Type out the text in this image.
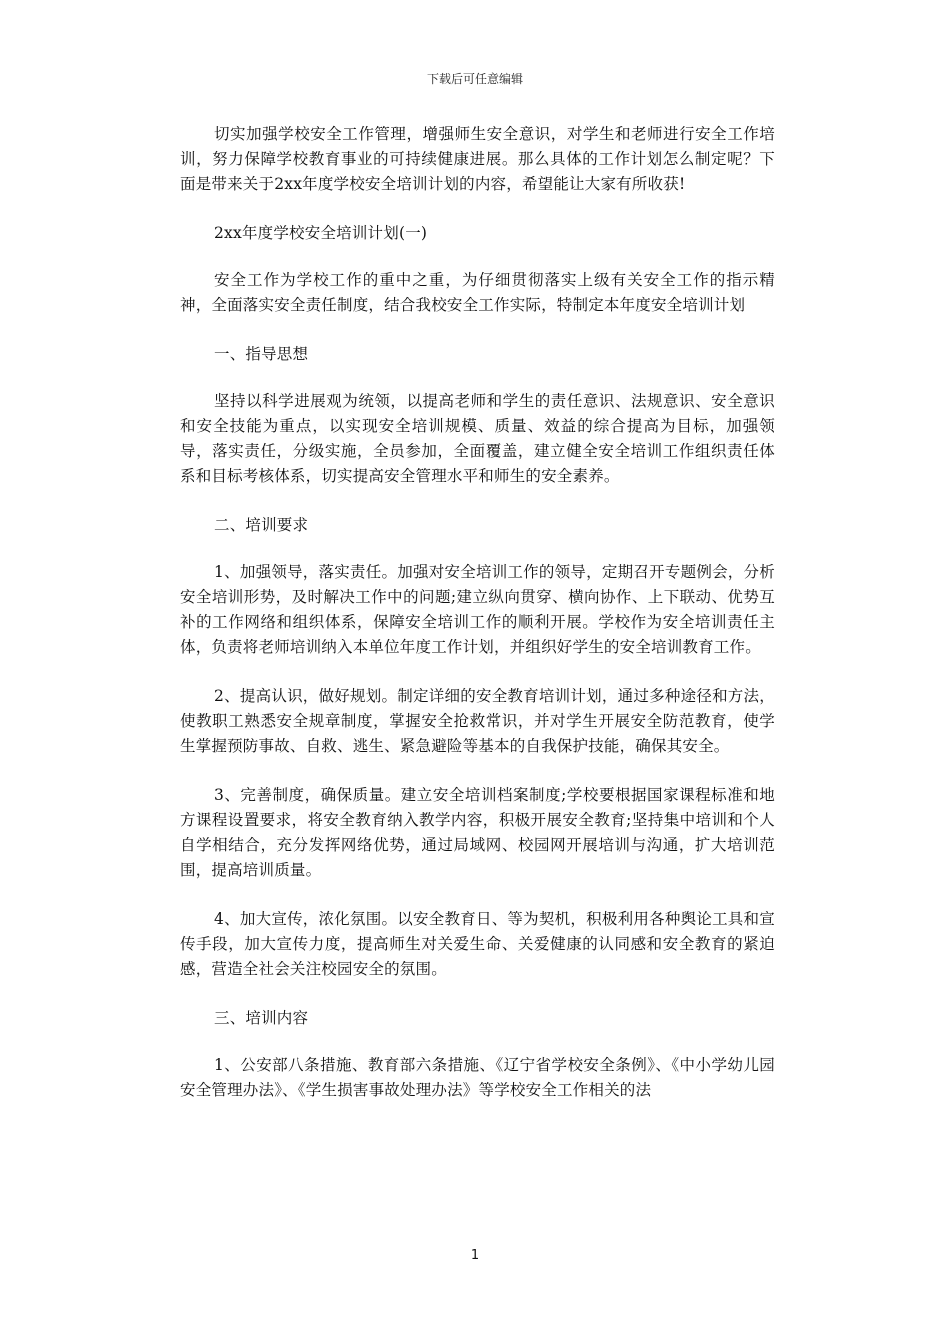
下载后可任意编辑

切实加强学校安全工作管理，增强师生安全意识，对学生和老师进行安全工作培训，努力保障学校教育事业的可持续健康进展。那么具体的工作计划怎么制定呢？下面是带来关于2xx年度学校安全培训计划的内容，希望能让大家有所收获!

2xx年度学校安全培训计划(一)

安全工作为学校工作的重中之重，为仔细贯彻落实上级有关安全工作的指示精神，全面落实安全责任制度，结合我校安全工作实际，特制定本年度安全培训计划

一、指导思想

坚持以科学进展观为统领，以提高老师和学生的责任意识、法规意识、安全意识和安全技能为重点，以实现安全培训规模、质量、效益的综合提高为目标，加强领导，落实责任，分级实施，全员参加，全面覆盖，建立健全安全培训工作组织责任体系和目标考核体系，切实提高安全管理水平和师生的安全素养。

二、培训要求

1、加强领导，落实责任。加强对安全培训工作的领导，定期召开专题例会，分析安全培训形势，及时解决工作中的问题;建立纵向贯穿、横向协作、上下联动、优势互补的工作网络和组织体系，保障安全培训工作的顺利开展。学校作为安全培训责任主体，负责将老师培训纳入本单位年度工作计划，并组织好学生的安全培训教育工作。

2、提高认识，做好规划。制定详细的安全教育培训计划，通过多种途径和方法，使教职工熟悉安全规章制度，掌握安全抢救常识，并对学生开展安全防范教育，使学生掌握预防事故、自救、逃生、紧急避险等基本的自我保护技能，确保其安全。

3、完善制度，确保质量。建立安全培训档案制度;学校要根据国家课程标准和地方课程设置要求，将安全教育纳入教学内容，积极开展安全教育;坚持集中培训和个人自学相结合，充分发挥网络优势，通过局域网、校园网开展培训与沟通，扩大培训范围，提高培训质量。

4、加大宣传，浓化氛围。以安全教育日、等为契机，积极利用各种舆论工具和宣传手段，加大宣传力度，提高师生对关爱生命、关爱健康的认同感和安全教育的紧迫感，营造全社会关注校园安全的氛围。

三、培训内容

1、公安部八条措施、教育部六条措施、《辽宁省学校安全条例》、《中小学幼儿园安全管理办法》、《学生损害事故处理办法》等学校安全工作相关的法

1
